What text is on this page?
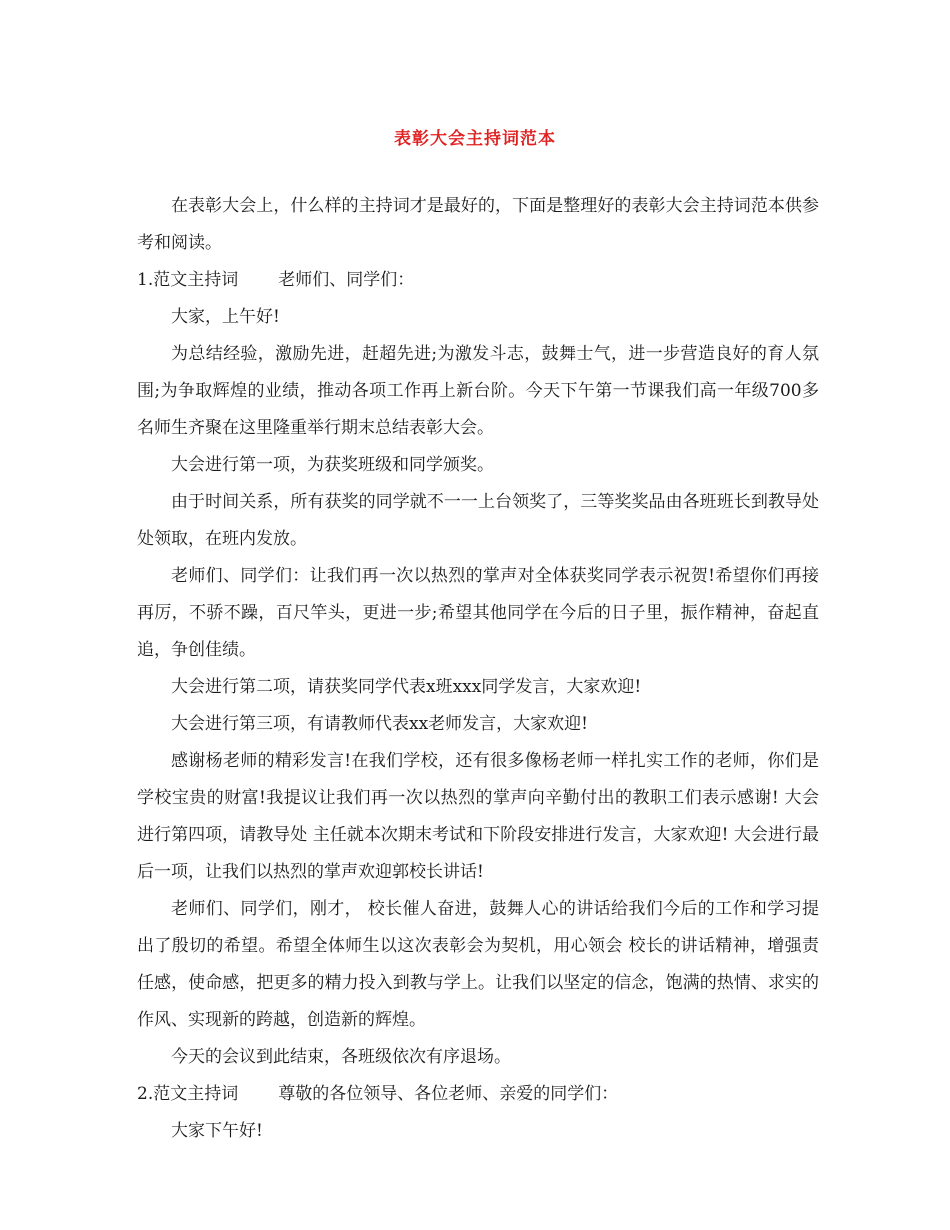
表彰大会主持词范本

在表彰大会上，什么样的主持词才是最好的，下面是整理好的表彰大会主持词范本供参考和阅读。

1.范文主持词 老师们、同学们：

大家，上午好!

为总结经验，激励先进，赶超先进;为激发斗志，鼓舞士气，进一步营造良好的育人氛围;为争取辉煌的业绩，推动各项工作再上新台阶。今天下午第一节课我们高一年级700多名师生齐聚在这里隆重举行期末总结表彰大会。

大会进行第一项，为获奖班级和同学颁奖。

由于时间关系，所有获奖的同学就不一一上台领奖了，三等奖奖品由各班班长到教导处处领取，在班内发放。

老师们、同学们：让我们再一次以热烈的掌声对全体获奖同学表示祝贺!希望你们再接再厉，不骄不躁，百尺竿头，更进一步;希望其他同学在今后的日子里，振作精神，奋起直追，争创佳绩。

大会进行第二项，请获奖同学代表x班xxx同学发言，大家欢迎!

大会进行第三项，有请教师代表xx老师发言，大家欢迎!

感谢杨老师的精彩发言!在我们学校，还有很多像杨老师一样扎实工作的老师，你们是学校宝贵的财富!我提议让我们再一次以热烈的掌声向辛勤付出的教职工们表示感谢! 大会进行第四项，请教导处 主任就本次期末考试和下阶段安排进行发言，大家欢迎! 大会进行最后一项，让我们以热烈的掌声欢迎郭校长讲话!

老师们、同学们，刚才， 校长催人奋进，鼓舞人心的讲话给我们今后的工作和学习提出了殷切的希望。希望全体师生以这次表彰会为契机，用心领会 校长的讲话精神，增强责任感，使命感，把更多的精力投入到教与学上。让我们以坚定的信念，饱满的热情、求实的作风、实现新的跨越，创造新的辉煌。

今天的会议到此结束，各班级依次有序退场。

2.范文主持词 尊敬的各位领导、各位老师、亲爱的同学们：

大家下午好!
